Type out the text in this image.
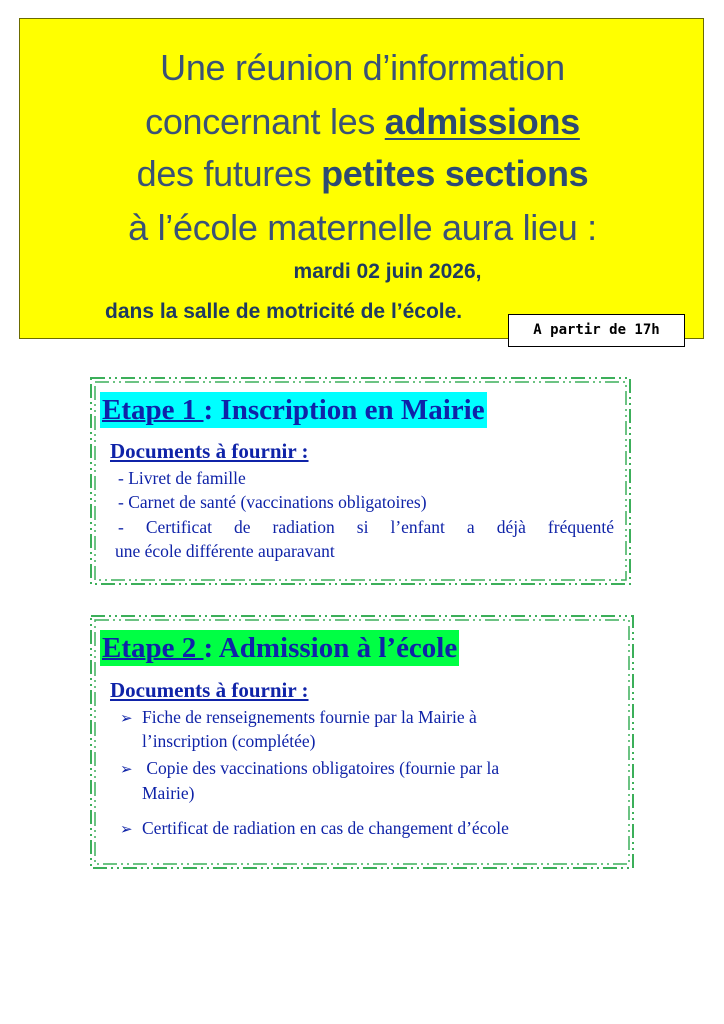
Une réunion d’information
concernant les admissions
des futures petites sections
à l’école maternelle aura lieu :
mardi 02 juin 2026,
dans la salle de motricité de l’école.
A partir de 17h
Etape 1 : Inscription en Mairie
Documents à fournir :
- Livret de famille
- Carnet de santé (vaccinations obligatoires)
- Certificat de radiation si l’enfant a déjà fréquenté
une école différente auparavant
Etape 2 : Admission à l’école
Documents à fournir :
➢ Fiche de renseignements fournie par la Mairie à
l’inscription (complétée)
➢ Copie des vaccinations obligatoires (fournie par la
Mairie)
➢ Certificat de radiation en cas de changement d’école
